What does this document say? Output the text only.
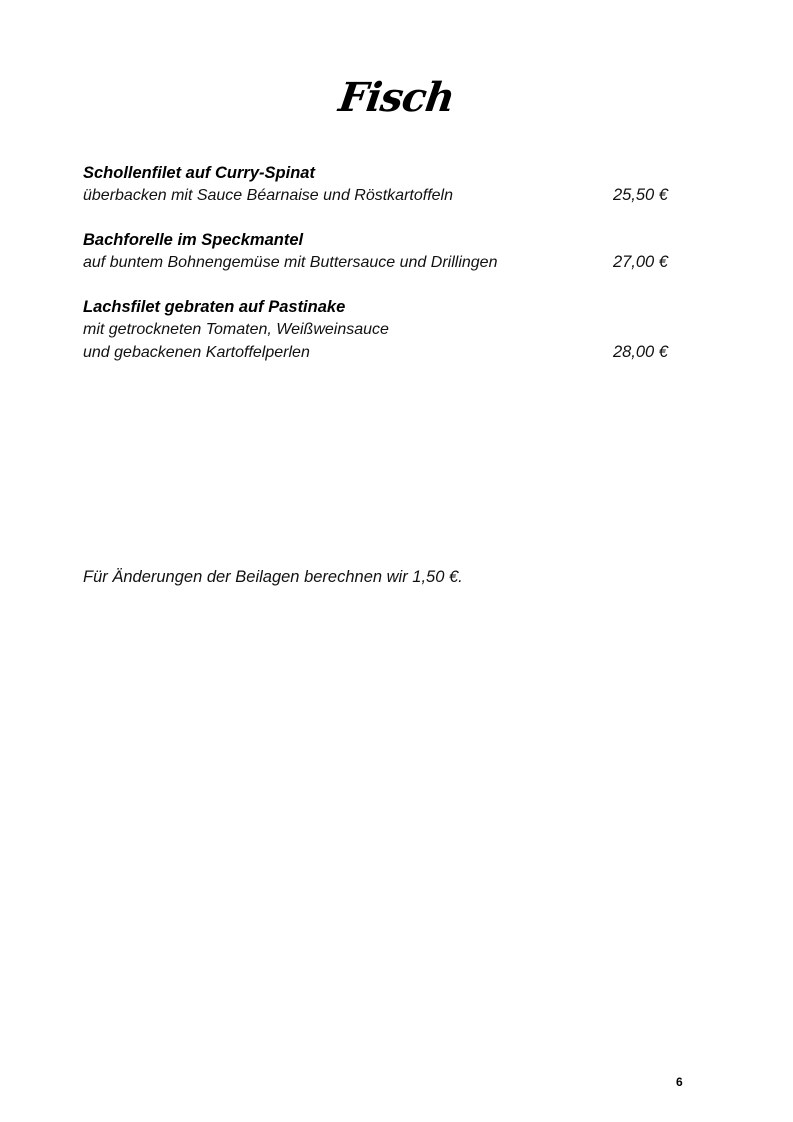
Fisch
Schollenfilet auf Curry-Spinat
überbacken mit Sauce Béarnaise und Röstkartoffeln	25,50 €
Bachforelle im Speckmantel
auf buntem Bohnengemüse mit Buttersauce und Drillingen	27,00 €
Lachsfilet gebraten auf Pastinake
mit getrockneten Tomaten, Weißweinsauce
und gebackenen Kartoffelperlen	28,00 €
Für Änderungen der Beilagen berechnen wir 1,50 €.
6
